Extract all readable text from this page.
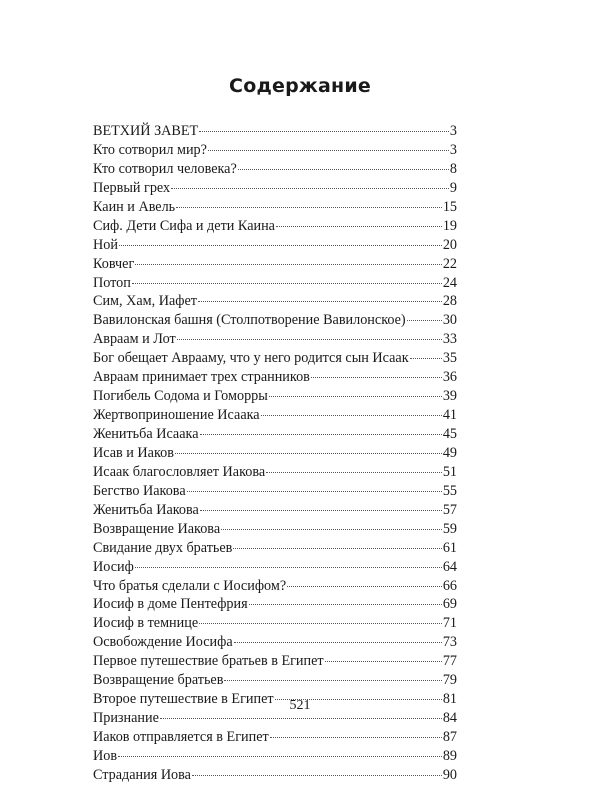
Содержание
ВЕТХИЙ ЗАВЕТ	3
Кто сотворил мир?	3
Кто сотворил человека?	8
Первый грех	9
Каин и Авель	15
Сиф. Дети Сифа и дети Каина	19
Ной	20
Ковчег	22
Потоп	24
Сим, Хам, Иафет	28
Вавилонская башня (Столпотворение Вавилонское)	30
Авраам и Лот	33
Бог обещает Аврааму, что у него родится сын Исаак 35
Авраам принимает трех странников	36
Погибель Содома и Гоморры	39
Жертвоприношение Исаака	41
Женитьба Исаака	45
Исав и Иаков	49
Исаак благословляет Иакова	51
Бегство Иакова	55
Женитьба Иакова	57
Возвращение Иакова	59
Свидание двух братьев	61
Иосиф	64
Что братья сделали с Иосифом?	66
Иосиф в доме Пентефрия	69
Иосиф в темнице	71
Освобождение Иосифа	73
Первое путешествие братьев в Египет	77
Возвращение братьев	79
Второе путешествие в Египет	81
Признание	84
Иаков отправляется в Египет	87
Иов	89
Страдания Иова	90
521
